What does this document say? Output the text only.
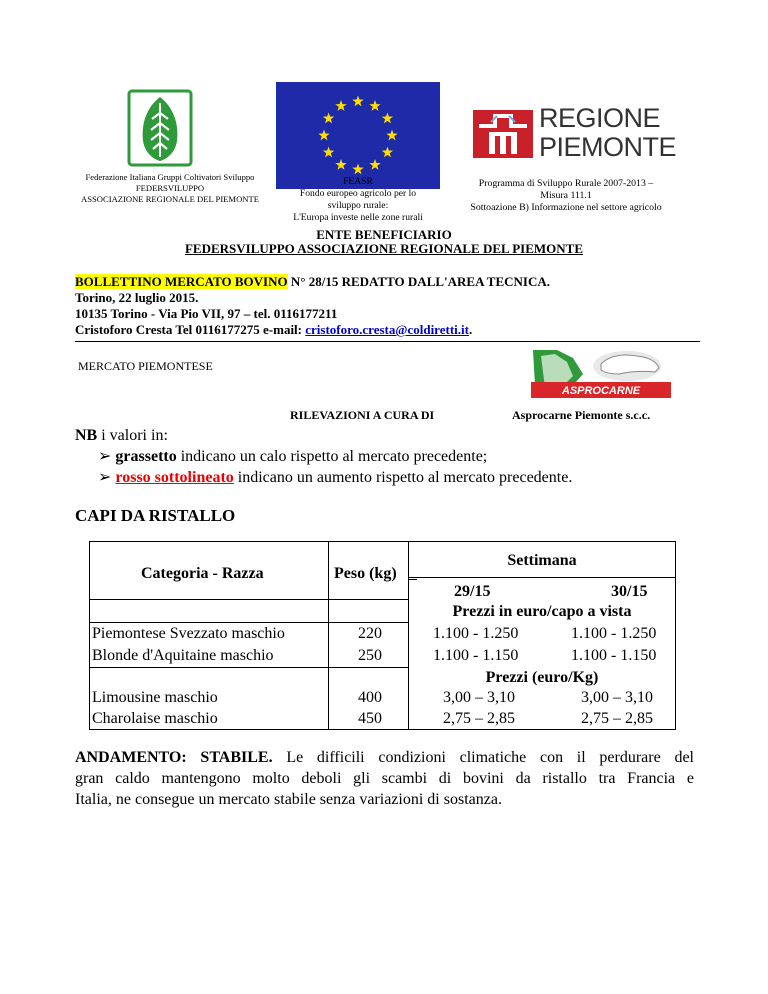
Federazione Italiana Gruppi Coltivatori Sviluppo
FEDERSVILUPPO
ASSOCIAZIONE REGIONALE DEL PIEMONTE
FEASR
Fondo europeo agricolo per lo
sviluppo rurale:
L'Europa investe nelle zone rurali
REGIONE
PIEMONTE
Programma di Sviluppo Rurale 2007-2013 –
Misura 111.1
Sottoazione B) Informazione nel settore agricolo
ENTE BENEFICIARIO
FEDERSVILUPPO ASSOCIAZIONE REGIONALE DEL PIEMONTE
BOLLETTINO MERCATO BOVINO N° 28/15 REDATTO DALL'AREA TECNICA.
Torino, 22 luglio 2015.
10135 Torino - Via Pio VII, 97 – tel. 0116177211
Cristoforo Cresta Tel 0116177275 e-mail: cristoforo.cresta@coldiretti.it.
MERCATO PIEMONTESE
ASPROCARNE
RILEVAZIONI A CURA DI	Asprocarne Piemonte s.c.c.
NB i valori in:
➢ grassetto indicano un calo rispetto al mercato precedente;
➢ rosso sottolineato indicano un aumento rispetto al mercato precedente.
CAPI DA RISTALLO
Categoria - Razza	Peso (kg)
Settimana
29/15	30/15
Prezzi in euro/capo a vista
Piemontese Svezzato maschio	220	1.100 - 1.250	1.100 - 1.250
Blonde d'Aquitaine maschio	250	1.100 - 1.150	1.100 - 1.150
Prezzi (euro/Kg)
Limousine maschio	400	3,00 – 3,10	3,00 – 3,10
Charolaise maschio	450	2,75 – 2,85	2,75 – 2,85
ANDAMENTO: STABILE. Le difficili condizioni climatiche con il perdurare del
gran caldo mantengono molto deboli gli scambi di bovini da ristallo tra Francia e
Italia, ne consegue un mercato stabile senza variazioni di sostanza.
